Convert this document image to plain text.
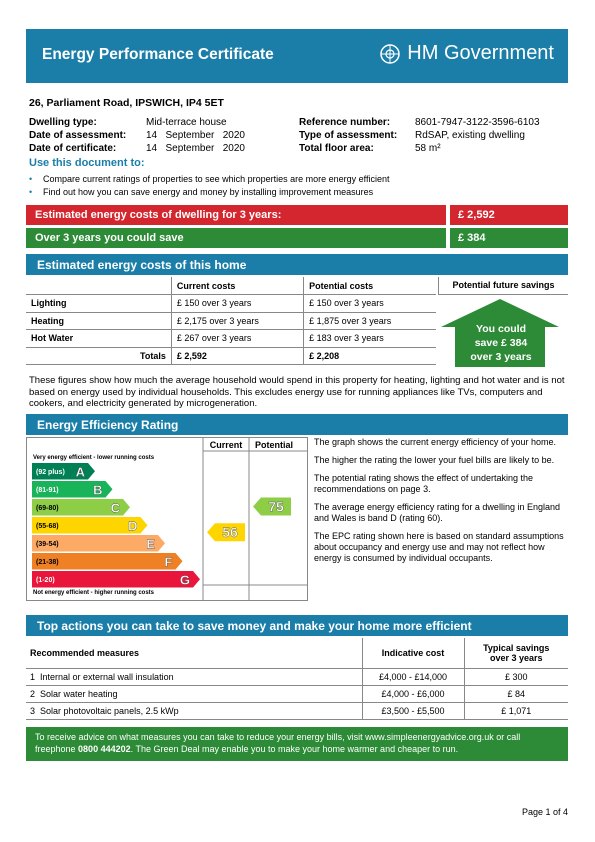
Energy Performance Certificate	HM Government
26, Parliament Road, IPSWICH, IP4 5ET
Dwelling type:	Mid-terrace house
Date of assessment:	14   September   2020
Date of certificate:	14   September   2020
Reference number:	8601-7947-3122-3596-6103
Type of assessment:	RdSAP, existing dwelling
Total floor area:	58 m²
Use this document to:
•	Compare current ratings of properties to see which properties are more energy efficient
•	Find out how you can save energy and money by installing improvement measures
Estimated energy costs of dwelling for 3 years:	£ 2,592
Over 3 years you could save	£ 384
Estimated energy costs of this home
	Current costs	Potential costs
Lighting	£ 150 over 3 years	£ 150 over 3 years
Heating	£ 2,175 over 3 years	£ 1,875 over 3 years
Hot Water	£ 267 over 3 years	£ 183 over 3 years
Totals	£ 2,592	£ 2,208
Potential future savings
You could
save £ 384
over 3 years
These figures show how much the average household would spend in this property for heating, lighting and hot water and is not based on energy used by individual households. This excludes energy use for running appliances like TVs, computers and cookers, and electricity generated by microgeneration.
Energy Efficiency Rating
Current Potential
Very energy efficient - lower running costs
Not energy efficient - higher running costs
(92 plus) A
(81-91)	B
(69-80)	C
(55-68)	D
(39-54)	E
(21-38)	F
(1-20)	G
56
75

The graph shows the current energy efficiency of your home.

The higher the rating the lower your fuel bills are likely to be.

The potential rating shows the effect of undertaking the recommendations on page 3.

The average energy efficiency rating for a dwelling in England and Wales is band D (rating 60).

The EPC rating shown here is based on standard assumptions about occupancy and energy use and may not reflect how energy is consumed by individual occupants.

Top actions you can take to save money and make your home more efficient
Recommended measures	Indicative cost	Typical savings
over 3 years

1  Internal or external wall insulation	£4,000 - £14,000	£ 300
2  Solar water heating	£4,000 - £6,000	£ 84
3  Solar photovoltaic panels, 2.5 kWp	£3,500 - £5,500	£ 1,071
To receive advice on what measures you can take to reduce your energy bills, visit www.simpleenergyadvice.org.uk or call freephone 0800 444202. The Green Deal may enable you to make your home warmer and cheaper to run.
Page 1 of 4
